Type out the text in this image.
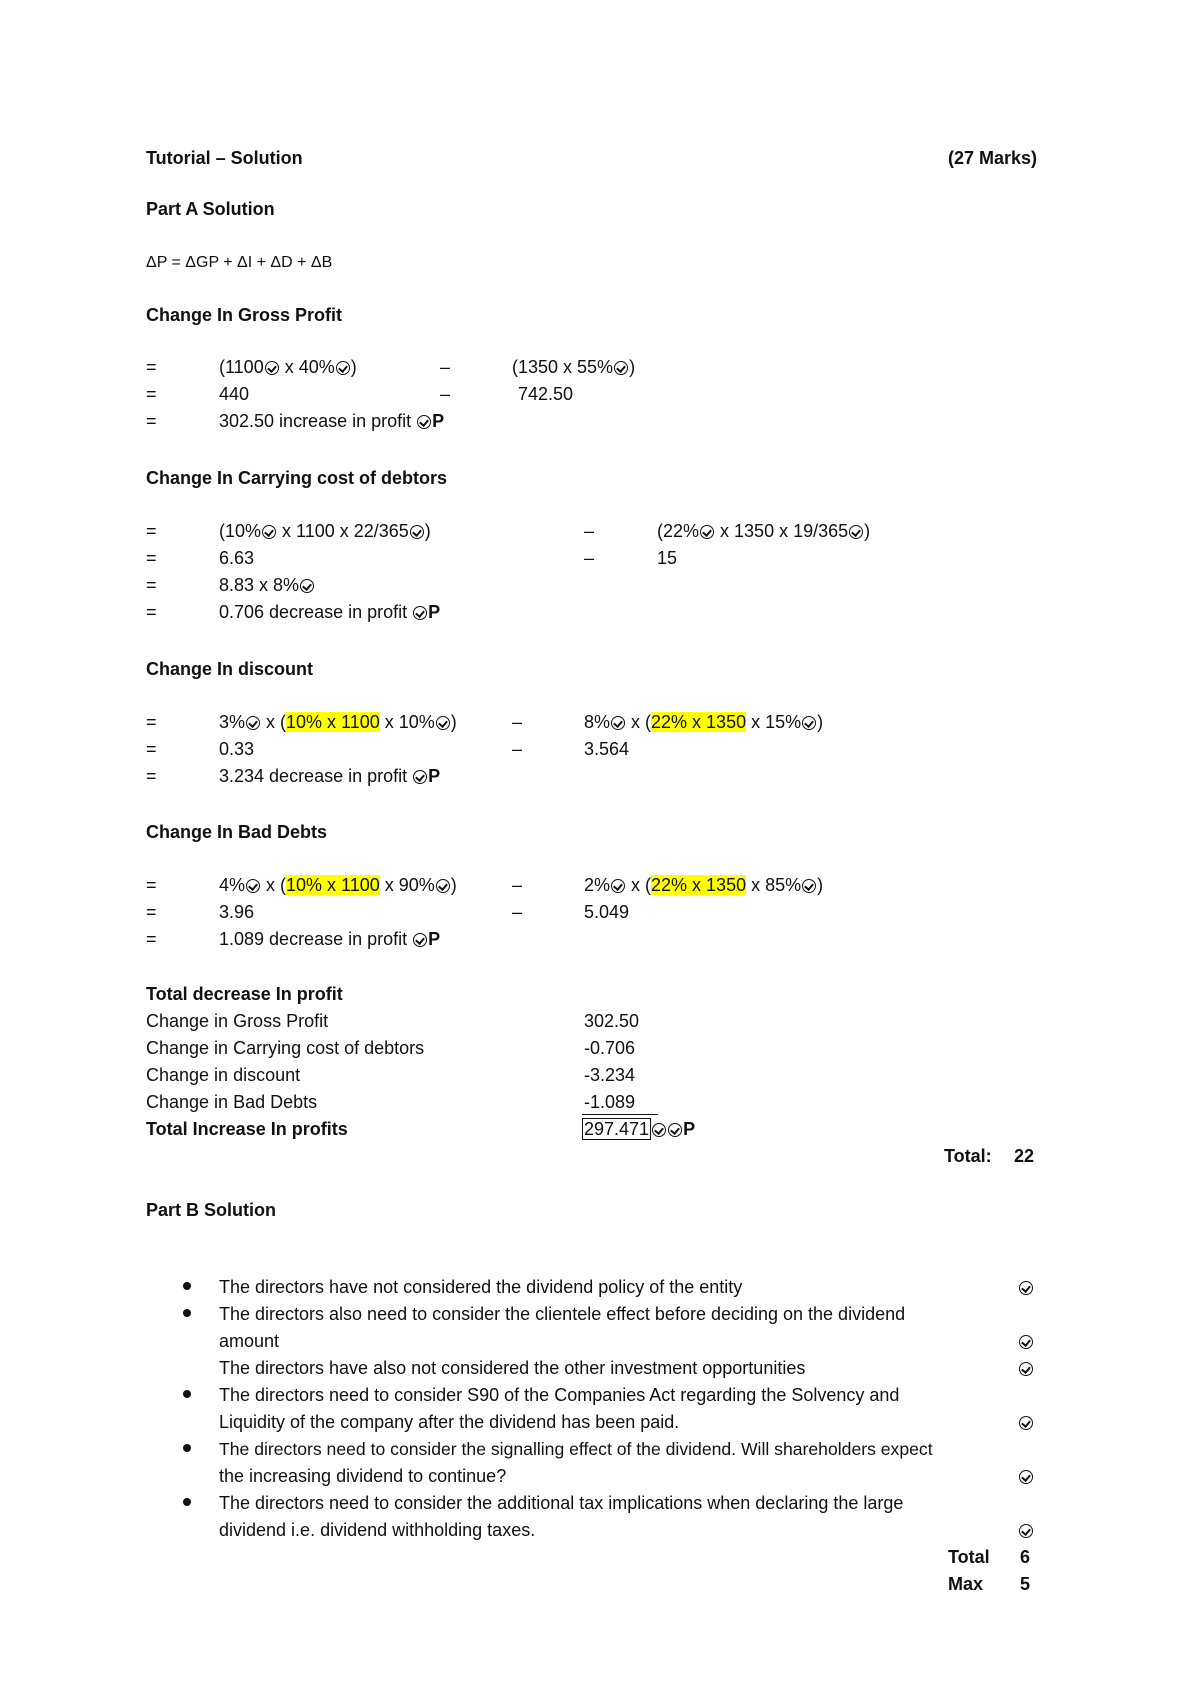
Tutorial – Solution	(27 Marks)
Part A Solution
ΔP = ΔGP + ΔI + ΔD + ΔB
Change In Gross Profit
=	(1100 x 40% )	–	(1350 x 55% )
=	440	–	742.50
=	302.50 increase in profit P
Change In Carrying cost of debtors
=	(10% x 1100 x 22/365 )	–	(22% x 1350 x 19/365 )
=	6.63	–	15
=	8.83 x 8%
=	0.706 decrease in profit P
Change In discount
=	3% x (10% x 1100 x 10% )	–	8% x (22% x 1350 x 15% )
=	0.33	–	3.564
=	3.234 decrease in profit P
Change In Bad Debts
=	4% x (10% x 1100 x 90% )	–	2% x (22% x 1350 x 85% )
=	3.96	–	5.049
=	1.089 decrease in profit P
Total decrease In profit
Change in Gross Profit	302.50
Change in Carrying cost of debtors	-0.706
Change in discount	-3.234
Change in Bad Debts	-1.089
Total Increase In profits	297.471 P
Total: 22
Part B Solution
The directors have not considered the dividend policy of the entity
The directors also need to consider the clientele effect before deciding on the dividend
amount
The directors have also not considered the other investment opportunities
The directors need to consider S90 of the Companies Act regarding the Solvency and
Liquidity of the company after the dividend has been paid.
The directors need to consider the signalling effect of the dividend. Will shareholders expect
the increasing dividend to continue?
The directors need to consider the additional tax implications when declaring the large
dividend i.e. dividend withholding taxes.
Total 6
Max 5
